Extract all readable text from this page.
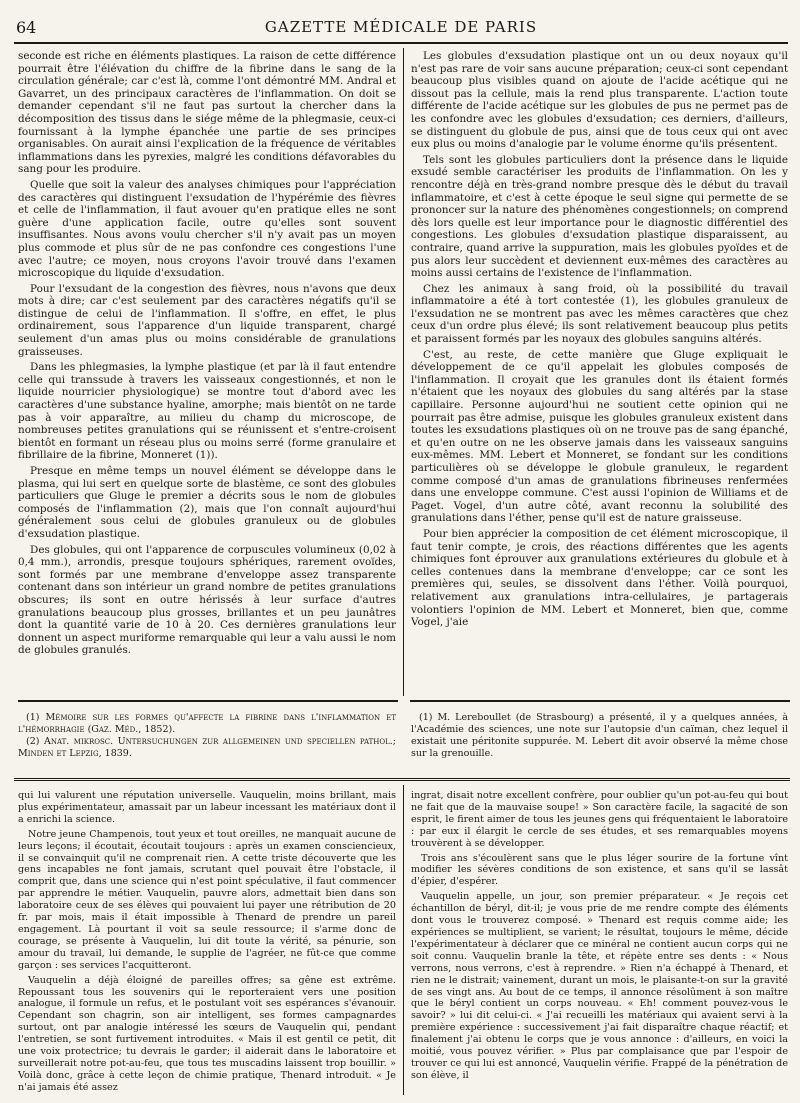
64	GAZETTE MÉDICALE DE PARIS

seconde est riche en éléments plastiques. La raison de cette différence pourrait être l'élévation du chiffre de la fibrine dans le sang de la circulation générale; car c'est là, comme l'ont démontré MM. Andral et Gavarret, un des principaux caractères de l'inflammation. On doit se demander cependant s'il ne faut pas surtout la chercher dans la décomposition des tissus dans le siége même de la phlegmasie, ceux-ci fournissant à la lymphe épanchée une partie de ses principes organisables. On aurait ainsi l'explication de la fréquence de véritables inflammations dans les pyrexies, malgré les conditions défavorables du sang pour les produire.

Quelle que soit la valeur des analyses chimiques pour l'appréciation des caractères qui distinguent l'exsudation de l'hypérémie des fièvres et celle de l'inflammation, il faut avouer qu'en pratique elles ne sont guère d'une application facile, outre qu'elles sont souvent insuffisantes. Nous avons voulu chercher s'il n'y avait pas un moyen plus commode et plus sûr de ne pas confondre ces congestions l'une avec l'autre; ce moyen, nous croyons l'avoir trouvé dans l'examen microscopique du liquide d'exsudation.

Pour l'exsudant de la congestion des fièvres, nous n'avons que deux mots à dire; car c'est seulement par des caractères négatifs qu'il se distingue de celui de l'inflammation. Il s'offre, en effet, le plus ordinairement, sous l'apparence d'un liquide transparent, chargé seulement d'un amas plus ou moins considérable de granulations graisseuses.

Dans les phlegmasies, la lymphe plastique (et par là il faut entendre celle qui transsude à travers les vaisseaux congestionnés, et non le liquide nourricier physiologique) se montre tout d'abord avec les caractères d'une substance hyaline, amorphe; mais bientôt on ne tarde pas à voir apparaître, au milieu du champ du microscope, de nombreuses petites granulations qui se réunissent et s'entre-croisent bientôt en formant un réseau plus ou moins serré (forme granulaire et fibrillaire de la fibrine, Monneret (1)).

Presque en même temps un nouvel élément se développe dans le plasma, qui lui sert en quelque sorte de blastème, ce sont des globules particuliers que Gluge le premier a décrits sous le nom de globules composés de l'inflammation (2), mais que l'on connaît aujourd'hui généralement sous celui de globules granuleux ou de globules d'exsudation plastique.

Des globules, qui ont l'apparence de corpuscules volumineux (0,02 à 0,4 mm.), arrondis, presque toujours sphériques, rarement ovoïdes, sont formés par une membrane d'enveloppe assez transparente contenant dans son intérieur un grand nombre de petites granulations obscures; ils sont en outre hérissés à leur surface d'autres granulations beaucoup plus grosses, brillantes et un peu jaunâtres dont la quantité varie de 10 à 20. Ces dernières granulations leur donnent un aspect muriforme remarquable qui leur a valu aussi le nom de globules granulés.

Les globules d'exsudation plastique ont un ou deux noyaux qu'il n'est pas rare de voir sans aucune préparation; ceux-ci sont cependant beaucoup plus visibles quand on ajoute de l'acide acétique qui ne dissout pas la cellule, mais la rend plus transparente. L'action toute différente de l'acide acétique sur les globules de pus ne permet pas de les confondre avec les globules d'exsudation; ces derniers, d'ailleurs, se distinguent du globule de pus, ainsi que de tous ceux qui ont avec eux plus ou moins d'analogie par le volume énorme qu'ils présentent.

Tels sont les globules particuliers dont la présence dans le liquide exsudé semble caractériser les produits de l'inflammation. On les y rencontre déjà en très-grand nombre presque dès le début du travail inflammatoire, et c'est à cette époque le seul signe qui permette de se prononcer sur la nature des phénomènes congestionnels; on comprend dès lors quelle est leur importance pour le diagnostic différentiel des congestions. Les globules d'exsudation plastique disparaissent, au contraire, quand arrive la suppuration, mais les globules pyoïdes et de pus alors leur succèdent et deviennent eux-mêmes des caractères au moins aussi certains de l'existence de l'inflammation.

Chez les animaux à sang froid, où la possibilité du travail inflammatoire a été à tort contestée (1), les globules granuleux de l'exsudation ne se montrent pas avec les mêmes caractères que chez ceux d'un ordre plus élevé; ils sont relativement beaucoup plus petits et paraissent formés par les noyaux des globules sanguins altérés.

C'est, au reste, de cette manière que Gluge expliquait le développement de ce qu'il appelait les globules composés de l'inflammation. Il croyait que les granules dont ils étaient formés n'étaient que les noyaux des globules du sang altérés par la stase capillaire. Personne aujourd'hui ne soutient cette opinion qui ne pourrait pas être admise, puisque les globules granuleux existent dans toutes les exsudations plastiques où on ne trouve pas de sang épanché, et qu'en outre on ne les observe jamais dans les vaisseaux sanguins eux-mêmes. MM. Lebert et Monneret, se fondant sur les conditions particulières où se développe le globule granuleux, le regardent comme composé d'un amas de granulations fibrineuses renfermées dans une enveloppe commune. C'est aussi l'opinion de Williams et de Paget. Vogel, d'un autre côté, avant reconnu la solubilité des granulations dans l'éther, pense qu'il est de nature graisseuse.

Pour bien apprécier la composition de cet élément microscopique, il faut tenir compte, je crois, des réactions différentes que les agents chimiques font éprouver aux granulations extérieures du globule et à celles contenues dans la membrane d'enveloppe; car ce sont les premières qui, seules, se dissolvent dans l'éther. Voilà pourquoi, relativement aux granulations intra-cellulaires, je partagerais volontiers l'opinion de MM. Lebert et Monneret, bien que, comme Vogel, j'aie

(1) Mémoire sur les formes qu'affecte la fibrine dans l'inflammation et l'hémorrhagie (Gaz. Méd., 1852).

(2) Anat. mikrosc. Untersuchungen zur allgemeinen und speciellen pathol.; Minden et Lepzig, 1839.

(1) M. Lereboullet (de Strasbourg) a présenté, il y a quelques années, à l'Académie des sciences, une note sur l'autopsie d'un caïman, chez lequel il existait une péritonite suppurée. M. Lebert dit avoir observé la même chose sur la grenouille.

qui lui valurent une réputation universelle. Vauquelin, moins brillant, mais plus expérimentateur, amassait par un labeur incessant les matériaux dont il a enrichi la science.

Notre jeune Champenois, tout yeux et tout oreilles, ne manquait aucune de leurs leçons; il écoutait, écoutait toujours : après un examen consciencieux, il se convainquit qu'il ne comprenait rien. A cette triste découverte que les gens incapables ne font jamais, scrutant quel pouvait être l'obstacle, il comprit que, dans une science qui n'est point spéculative, il faut commencer par apprendre le métier. Vauquelin, pauvre alors, admettait bien dans son laboratoire ceux de ses élèves qui pouvaient lui payer une rétribution de 20 fr. par mois, mais il était impossible à Thenard de prendre un pareil engagement. Là pourtant il voit sa seule ressource; il s'arme donc de courage, se présente à Vauquelin, lui dit toute la vérité, sa pénurie, son amour du travail, lui demande, le supplie de l'agréer, ne fût-ce que comme garçon : ses services l'acquitteront.

Vauquelin a déjà éloigné de pareilles offres; sa gêne est extrême. Repoussant tous les souvenirs qui le reporteraient vers une position analogue, il formule un refus, et le postulant voit ses espérances s'évanouir. Cependant son chagrin, son air intelligent, ses formes campagnardes surtout, ont par analogie intéressé les sœurs de Vauquelin qui, pendant l'entretien, se sont furtivement introduites. « Mais il est gentil ce petit, dit une voix protectrice; tu devrais le garder; il aiderait dans le laboratoire et surveillerait notre pot-au-feu, que tous tes muscadins laissent trop bouillir. » Voilà donc, grâce à cette leçon de chimie pratique, Thenard introduit. « Je n'ai jamais été assez

ingrat, disait notre excellent confrère, pour oublier qu'un pot-au-feu qui bout ne fait que de la mauvaise soupe! » Son caractère facile, la sagacité de son esprit, le firent aimer de tous les jeunes gens qui fréquentaient le laboratoire : par eux il élargit le cercle de ses études, et ses remarquables moyens trouvèrent à se développer.

Trois ans s'écoulèrent sans que le plus léger sourire de la fortune vînt modifier les sévères conditions de son existence, et sans qu'il se lassât d'épier, d'espérer.

Vauquelin appelle, un jour, son premier préparateur. « Je reçois cet échantillon de béryl, dit-il; je vous prie de me rendre compte des éléments dont vous le trouverez composé. » Thenard est requis comme aide; les expériences se multiplient, se varient; le résultat, toujours le même, décide l'expérimentateur à déclarer que ce minéral ne contient aucun corps qui ne soit connu. Vauquelin branle la tête, et répète entre ses dents : « Nous verrons, nous verrons, c'est à reprendre. » Rien n'a échappé à Thenard, et rien ne le distrait; vainement, durant un mois, le plaisante-t-on sur la gravité de ses vingt ans. Au bout de ce temps, il annonce résolûment à son maître que le béryl contient un corps nouveau. « Eh! comment pouvez-vous le savoir? » lui dit celui-ci. « J'ai recueilli les matériaux qui avaient servi à la première expérience : successivement j'ai fait disparaître chaque réactif; et finalement j'ai obtenu le corps que je vous annonce : d'ailleurs, en voici la moitié, vous pouvez vérifier. » Plus par complaisance que par l'espoir de trouver ce qui lui est annoncé, Vauquelin vérifie. Frappé de la pénétration de son élève, il
